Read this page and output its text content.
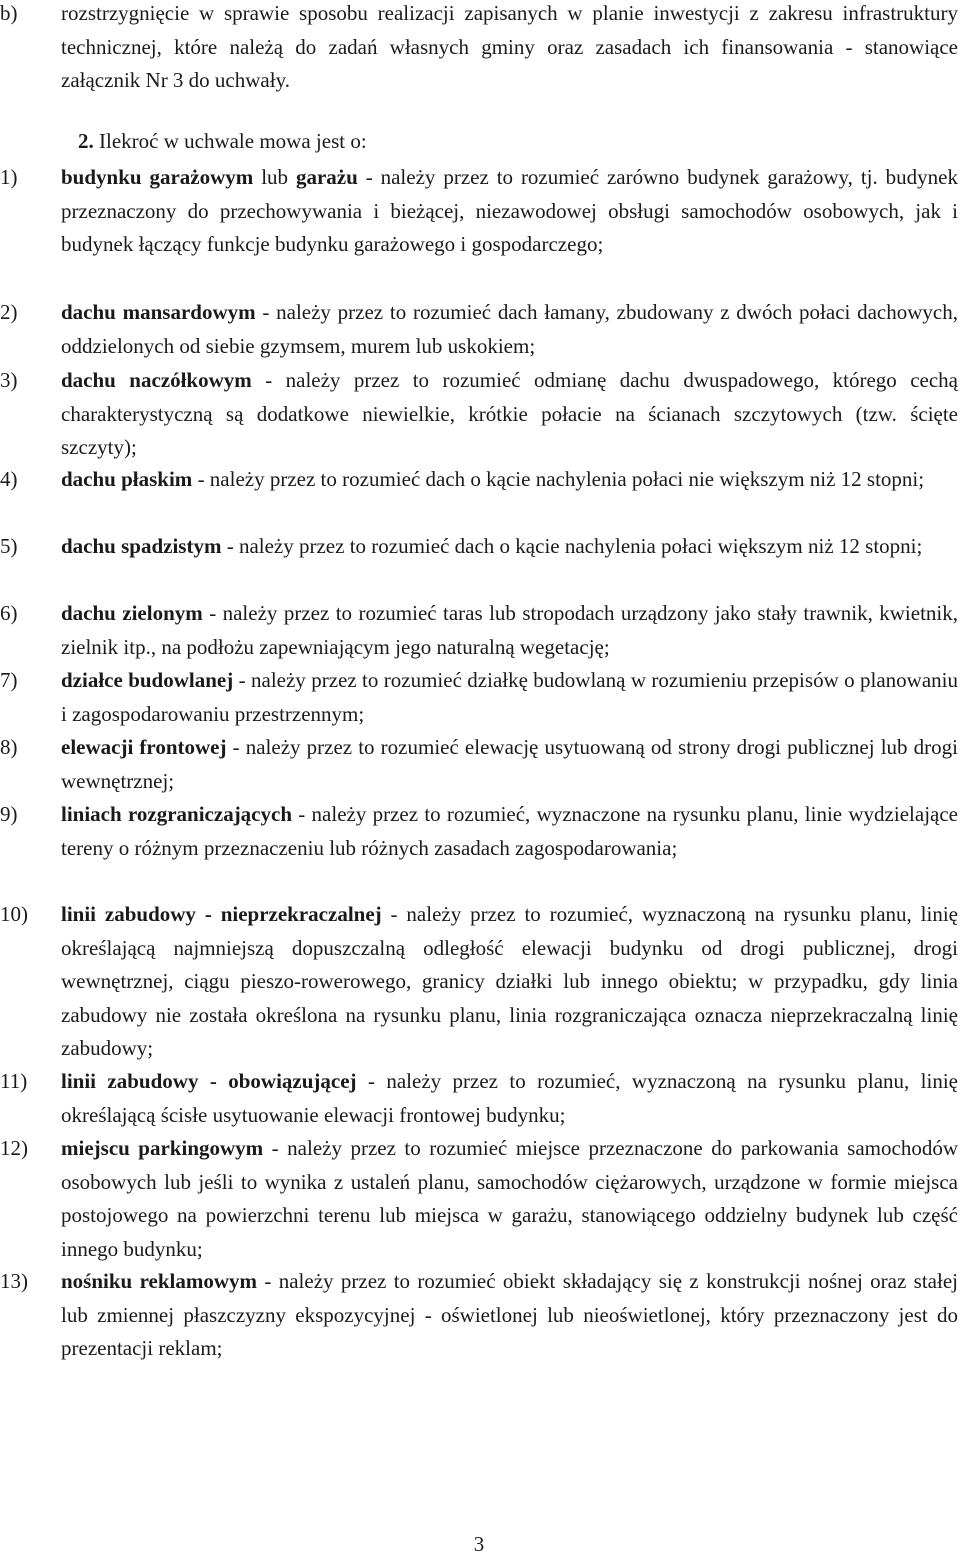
b)	rozstrzygnięcie w sprawie sposobu realizacji zapisanych w planie inwestycji z zakresu infrastruktury technicznej, które należą do zadań własnych gminy oraz zasadach ich finansowania - stanowiące załącznik Nr 3 do uchwały.
2. Ilekroć w uchwale mowa jest o:
1)	budynku garażowym lub garażu - należy przez to rozumieć zarówno budynek garażowy, tj. budynek przeznaczony do przechowywania i bieżącej, niezawodowej obsługi samochodów osobowych, jak i budynek łączący funkcje budynku garażowego i gospodarczego;
2)	dachu mansardowym - należy przez to rozumieć dach łamany, zbudowany z dwóch połaci dachowych, oddzielonych od siebie gzymsem, murem lub uskokiem;
3)	dachu naczółkowym - należy przez to rozumieć odmianę dachu dwuspadowego, którego cechą charakterystyczną są dodatkowe niewielkie, krótkie połacie na ścianach szczytowych (tzw. ścięte szczyty);
4)	dachu płaskim - należy przez to rozumieć dach o kącie nachylenia połaci nie większym niż 12 stopni;
5)	dachu spadzistym - należy przez to rozumieć dach o kącie nachylenia połaci większym niż 12 stopni;
6)	dachu zielonym - należy przez to rozumieć taras lub stropodach urządzony jako stały trawnik, kwietnik, zielnik itp., na podłożu zapewniającym jego naturalną wegetację;
7)	działce budowlanej - należy przez to rozumieć działkę budowlaną w rozumieniu przepisów o planowaniu i zagospodarowaniu przestrzennym;
8)	elewacji frontowej - należy przez to rozumieć elewację usytuowaną od strony drogi publicznej lub drogi wewnętrznej;
9)	liniach rozgraniczających - należy przez to rozumieć, wyznaczone na rysunku planu, linie wydzielające tereny o różnym przeznaczeniu lub różnych zasadach zagospodarowania;
10)	linii zabudowy - nieprzekraczalnej - należy przez to rozumieć, wyznaczoną na rysunku planu, linię określającą najmniejszą dopuszczalną odległość elewacji budynku od drogi publicznej, drogi wewnętrznej, ciągu pieszo-rowerowego, granicy działki lub innego obiektu; w przypadku, gdy linia zabudowy nie została określona na rysunku planu, linia rozgraniczająca oznacza nieprzekraczalną linię zabudowy;
11)	linii zabudowy - obowiązującej - należy przez to rozumieć, wyznaczoną na rysunku planu, linię określającą ścisłe usytuowanie elewacji frontowej budynku;
12)	miejscu parkingowym - należy przez to rozumieć miejsce przeznaczone do parkowania samochodów osobowych lub jeśli to wynika z ustaleń planu, samochodów ciężarowych, urządzone w formie miejsca postojowego na powierzchni terenu lub miejsca w garażu, stanowiącego oddzielny budynek lub część innego budynku;
13)	nośniku reklamowym - należy przez to rozumieć obiekt składający się z konstrukcji nośnej oraz stałej lub zmiennej płaszczyzny ekspozycyjnej - oświetlonej lub nieoświetlonej, który przeznaczony jest do prezentacji reklam;
3
